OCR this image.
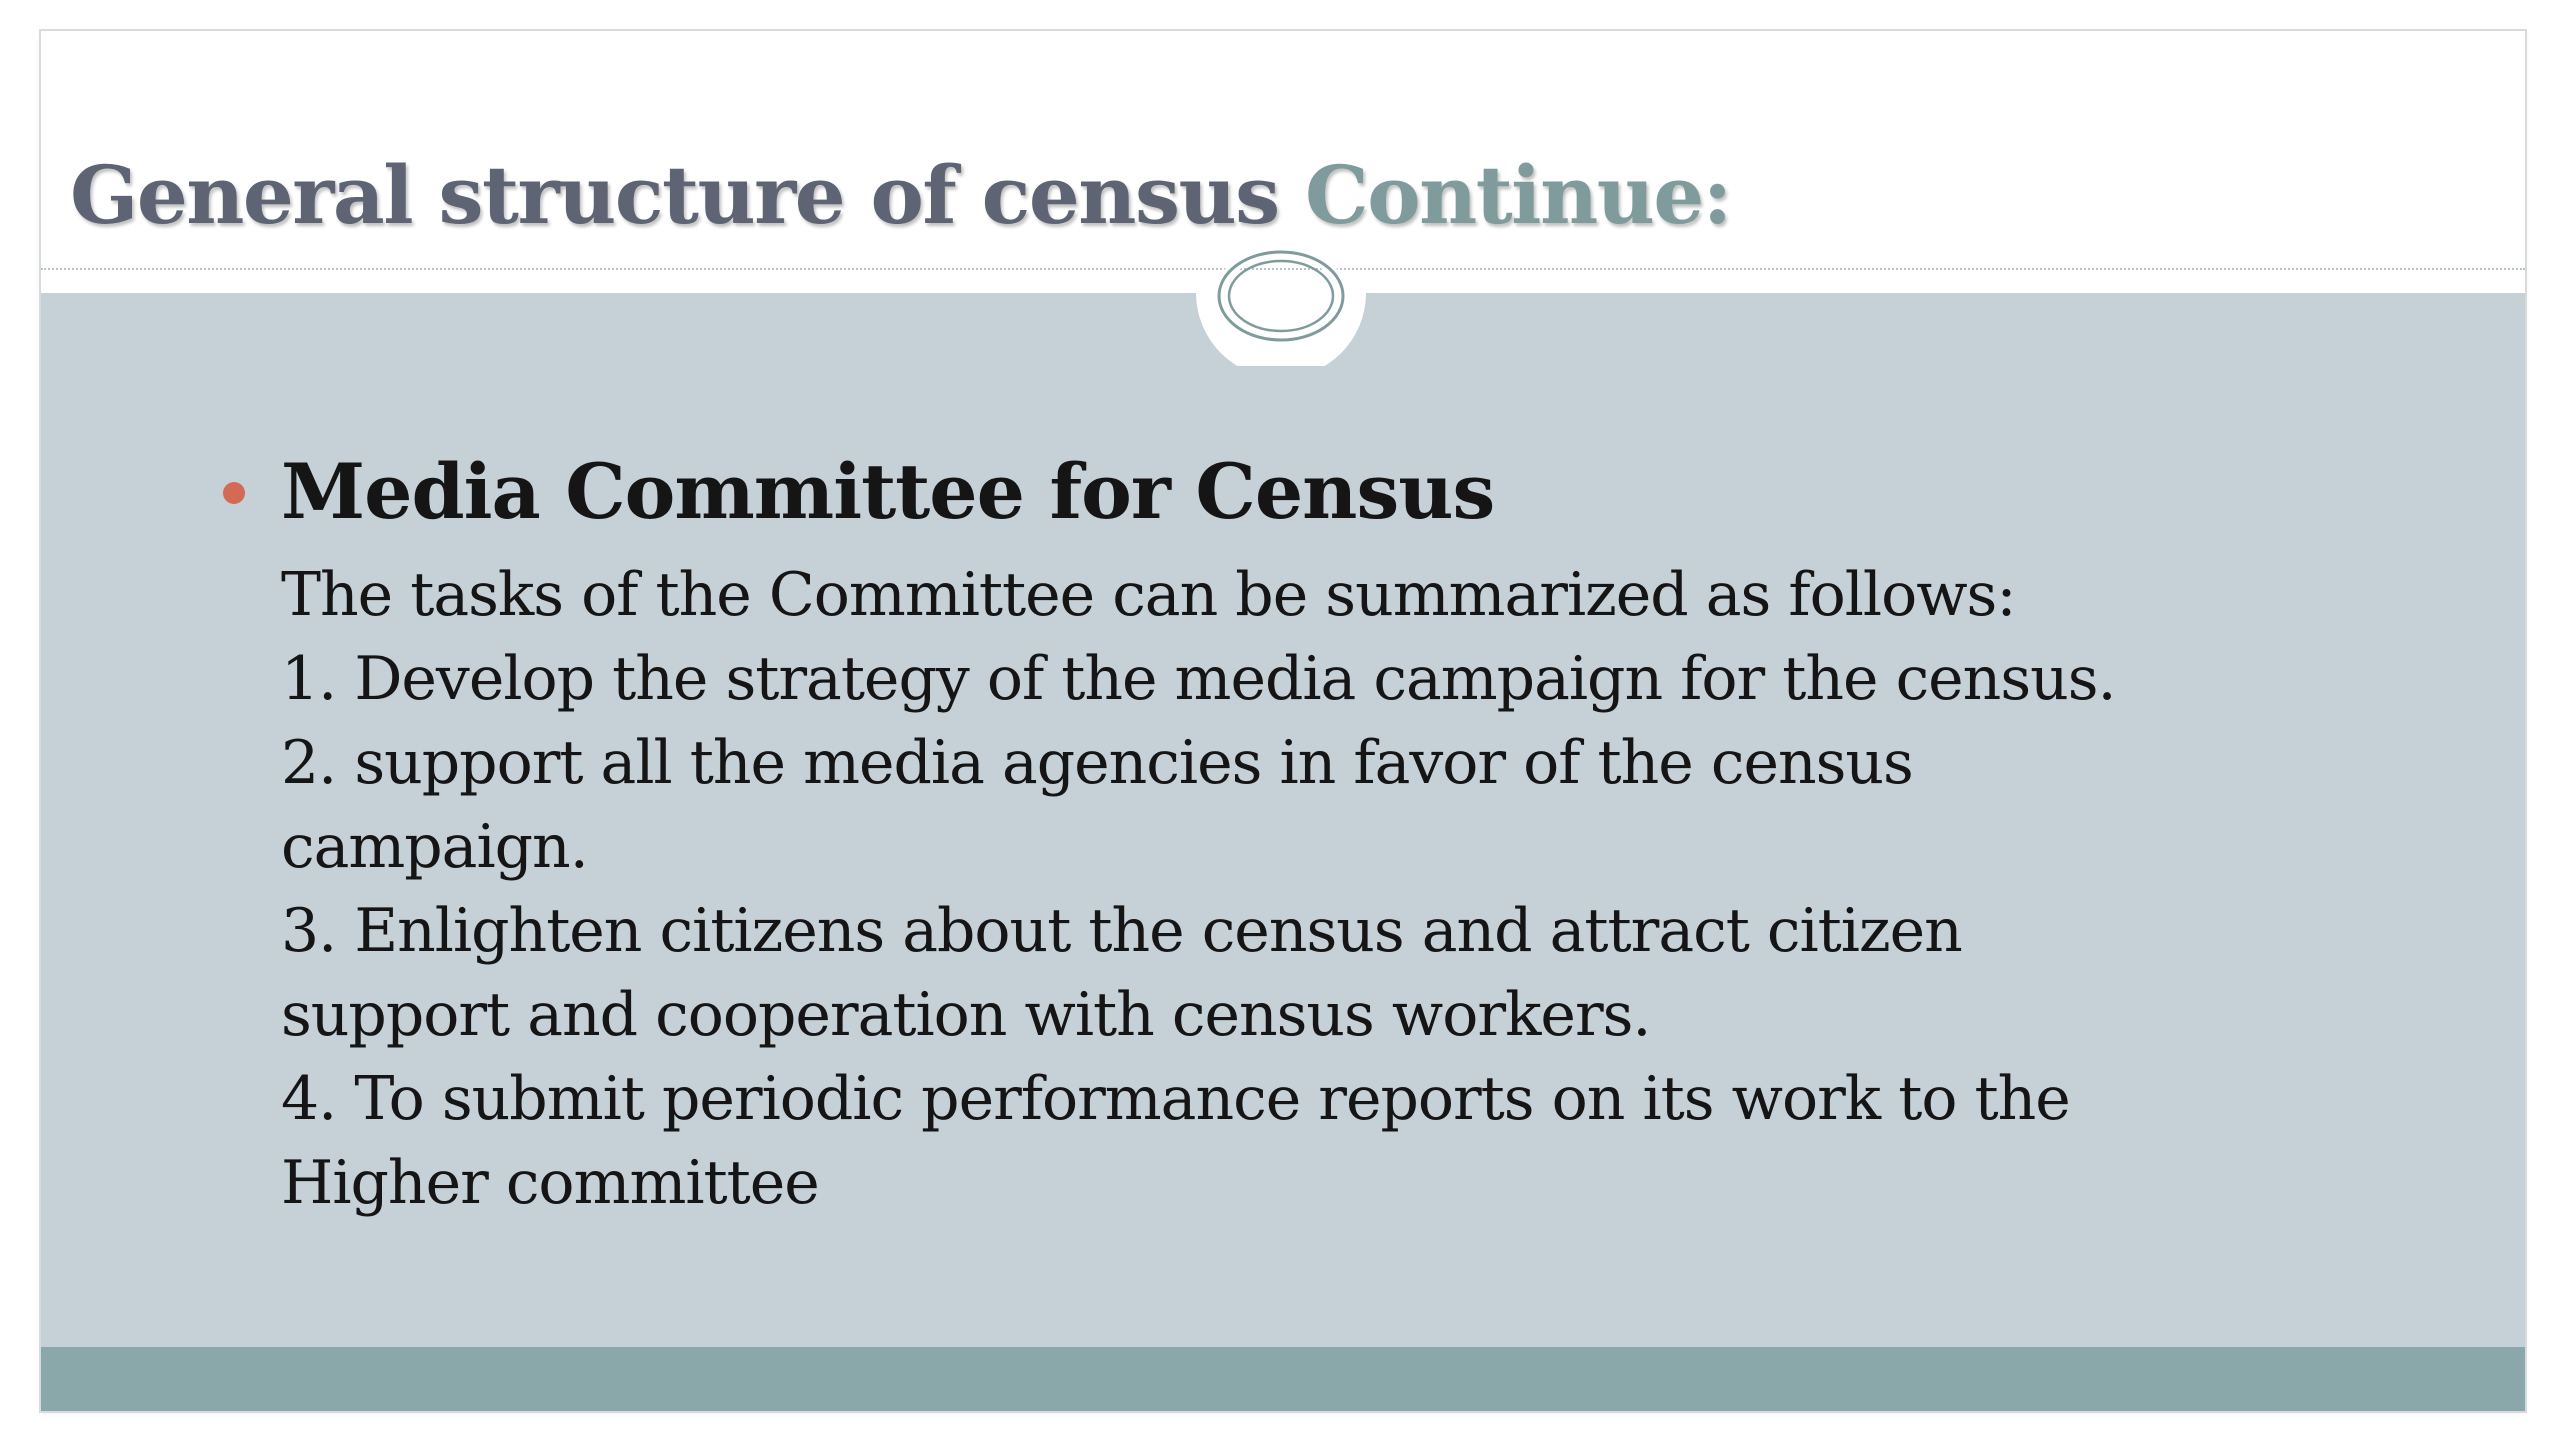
General structure of census Continue:

Media Committee for Census

The tasks of the Committee can be summarized as follows:

1. Develop the strategy of the media campaign for the census.

2. support all the media agencies in favor of the census

campaign.

3. Enlighten citizens about the census and attract citizen

support and cooperation with census workers.

4. To submit periodic performance reports on its work to the

Higher committee
